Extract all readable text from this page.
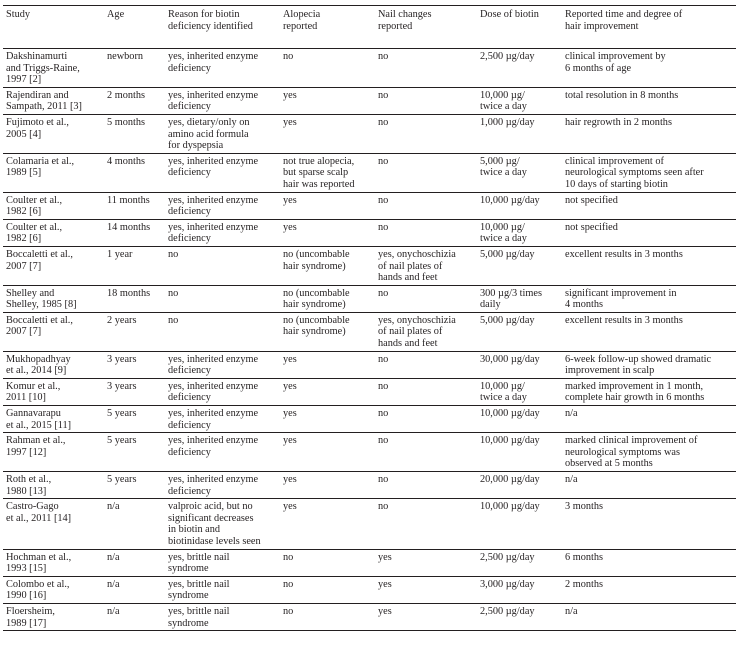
Study	Age	Reason for biotin
deficiency identified	Alopecia
reported	Nail changes
reported	Dose of biotin	Reported time and degree of
hair improvement

Dakshinamurti
and Triggs-Raine,
1997 [2]	newborn	yes, inherited enzyme
deficiency	no	no	2,500 µg/day	clinical improvement by
6 months of age

Rajendiran and
Sampath, 2011 [3]	2 months	yes, inherited enzyme
deficiency	yes	no	10,000 µg/
twice a day	total resolution in 8 months

Fujimoto et al.,
2005 [4]	5 months	yes, dietary/only on
amino acid formula
for dyspepsia	yes	no	1,000 µg/day	hair regrowth in 2 months

Colamaria et al.,
1989 [5]	4 months	yes, inherited enzyme
deficiency	not true alopecia,
but sparse scalp
hair was reported	no	5,000 µg/
twice a day	clinical improvement of
neurological symptoms seen after
10 days of starting biotin

Coulter et al.,
1982 [6]	11 months	yes, inherited enzyme
deficiency	yes	no	10,000 µg/day	not specified

Coulter et al.,
1982 [6]	14 months	yes, inherited enzyme
deficiency	yes	no	10,000 µg/
twice a day	not specified

Boccaletti et al.,
2007 [7]	1 year	no	no (uncombable
hair syndrome)	yes, onychoschizia
of nail plates of
hands and feet	5,000 µg/day	excellent results in 3 months

Shelley and
Shelley, 1985 [8]	18 months	no	no (uncombable
hair syndrome)	no	300 µg/3 times
daily	significant improvement in
4 months

Boccaletti et al.,
2007 [7]	2 years	no	no (uncombable
hair syndrome)	yes, onychoschizia
of nail plates of
hands and feet	5,000 µg/day	excellent results in 3 months

Mukhopadhyay
et al., 2014 [9]	3 years	yes, inherited enzyme
deficiency	yes	no	30,000 µg/day	6-week follow-up showed dramatic
improvement in scalp

Komur et al.,
2011 [10]	3 years	yes, inherited enzyme
deficiency	yes	no	10,000 µg/
twice a day	marked improvement in 1 month,
complete hair growth in 6 months

Gannavarapu
et al., 2015 [11]	5 years	yes, inherited enzyme
deficiency	yes	no	10,000 µg/day	n/a

Rahman et al.,
1997 [12]	5 years	yes, inherited enzyme
deficiency	yes	no	10,000 µg/day	marked clinical improvement of
neurological symptoms was
observed at 5 months

Roth et al.,
1980 [13]	5 years	yes, inherited enzyme
deficiency	yes	no	20,000 µg/day	n/a

Castro-Gago
et al., 2011 [14]	n/a	valproic acid, but no
significant decreases
in biotin and
biotinidase levels seen	yes	no	10,000 µg/day	3 months

Hochman et al.,
1993 [15]	n/a	yes, brittle nail
syndrome	no	yes	2,500 µg/day	6 months

Colombo et al.,
1990 [16]	n/a	yes, brittle nail
syndrome	no	yes	3,000 µg/day	2 months

Floersheim,
1989 [17]	n/a	yes, brittle nail
syndrome	no	yes	2,500 µg/day	n/a
